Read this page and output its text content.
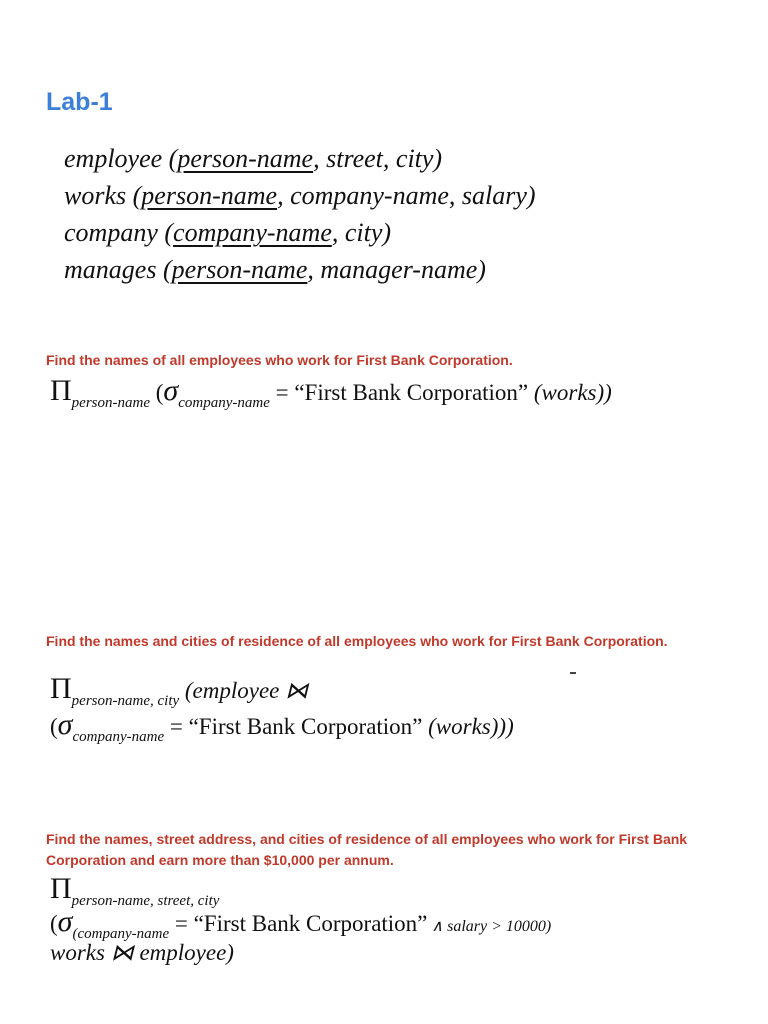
Lab-1
employee (person-name, street, city)
works (person-name, company-name, salary)
company (company-name, city)
manages (person-name, manager-name)
Find the names of all employees who work for First Bank Corporation.
$\Pi_{person-name}$ ($\sigma_{company-name}$ = “First Bank Corporation” (works))
Find the names and cities of residence of all employees who work for First Bank Corporation.
$\Pi_{person-name, city}$ (employee ⋈
($\sigma_{company-name}$ = “First Bank Corporation” (works)))
Find the names, street address, and cities of residence of all employees who work for First Bank Corporation and earn more than $10,000 per annum.
$\Pi_{person-name, street, city}$
($\sigma_{(company-name}$ = “First Bank Corporation” ∧ salary > 10000)
works ⋈ employee)
